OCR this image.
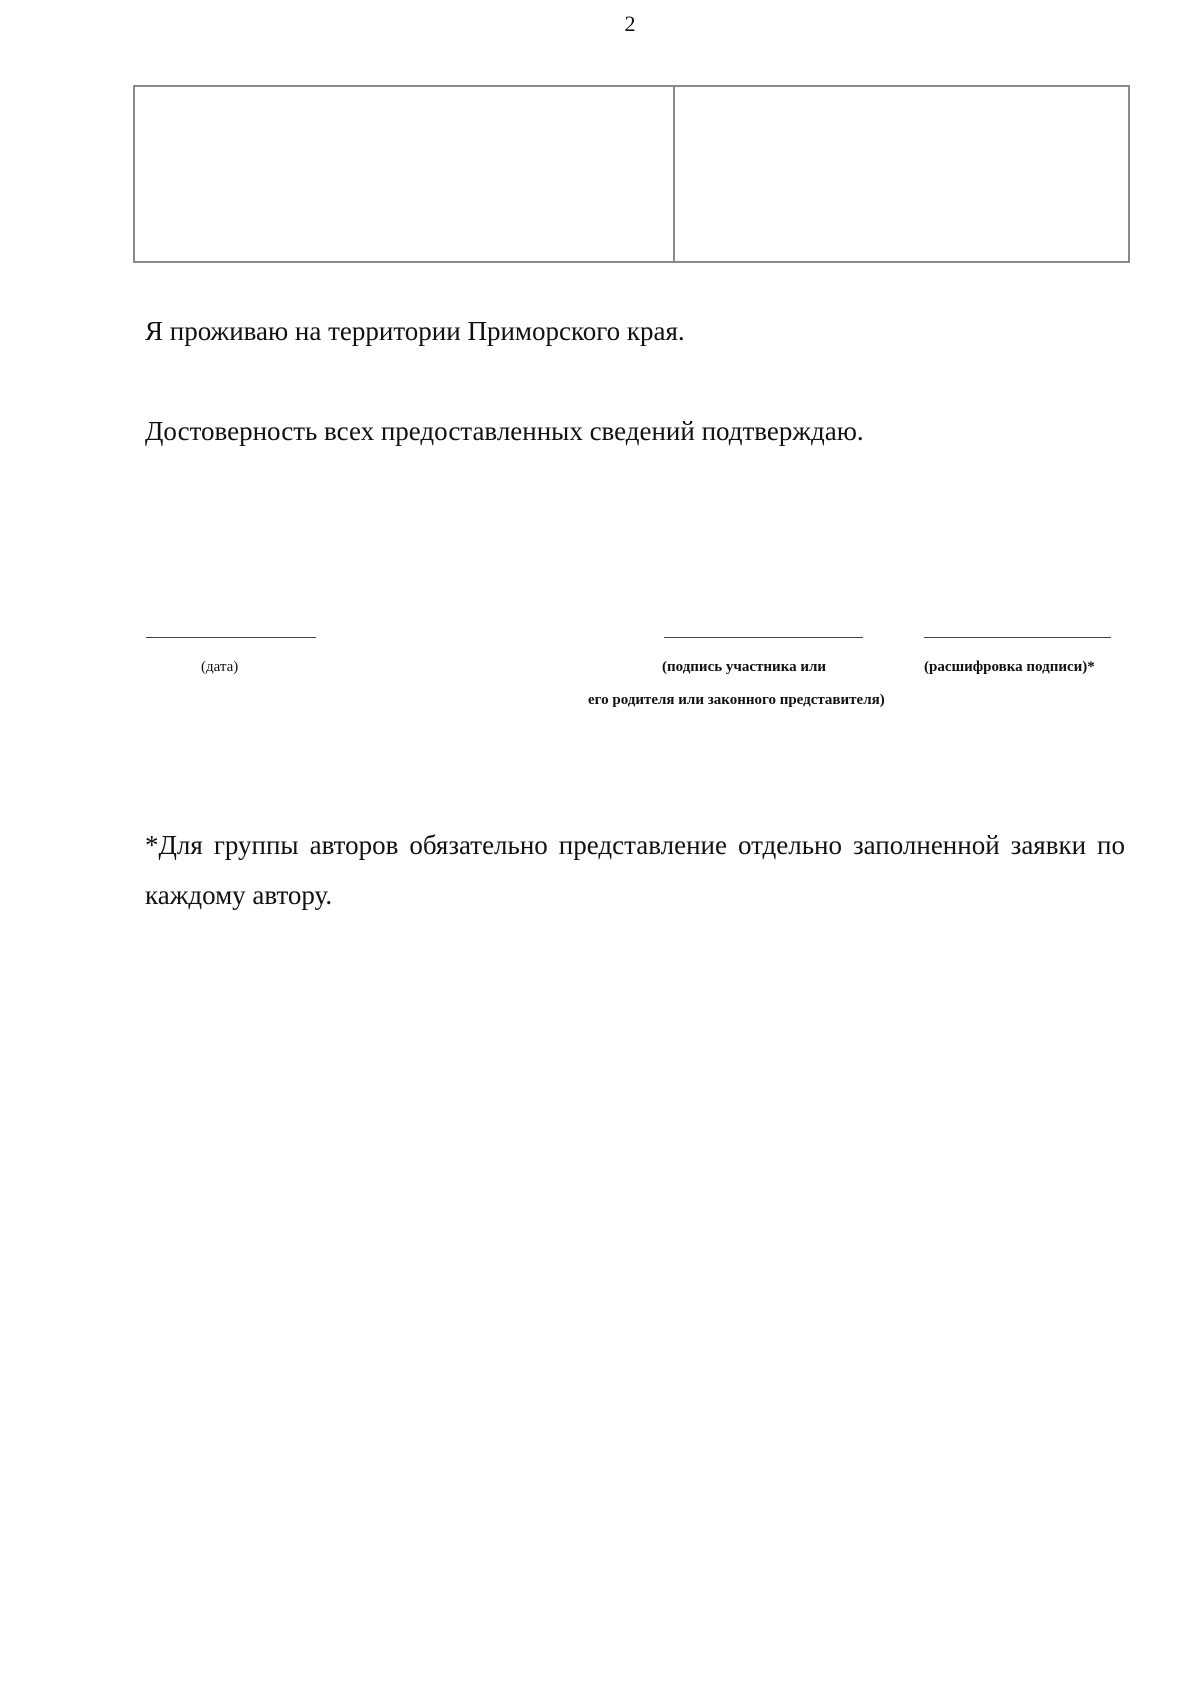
2
Я проживаю на территории Приморского края.
Достоверность всех предоставленных сведений подтверждаю.
(дата)	(подпись участника или	(расшифровка подписи)*
его родителя или законного представителя)
*Для группы авторов обязательно представление отдельно заполненной заявки по каждому автору.
